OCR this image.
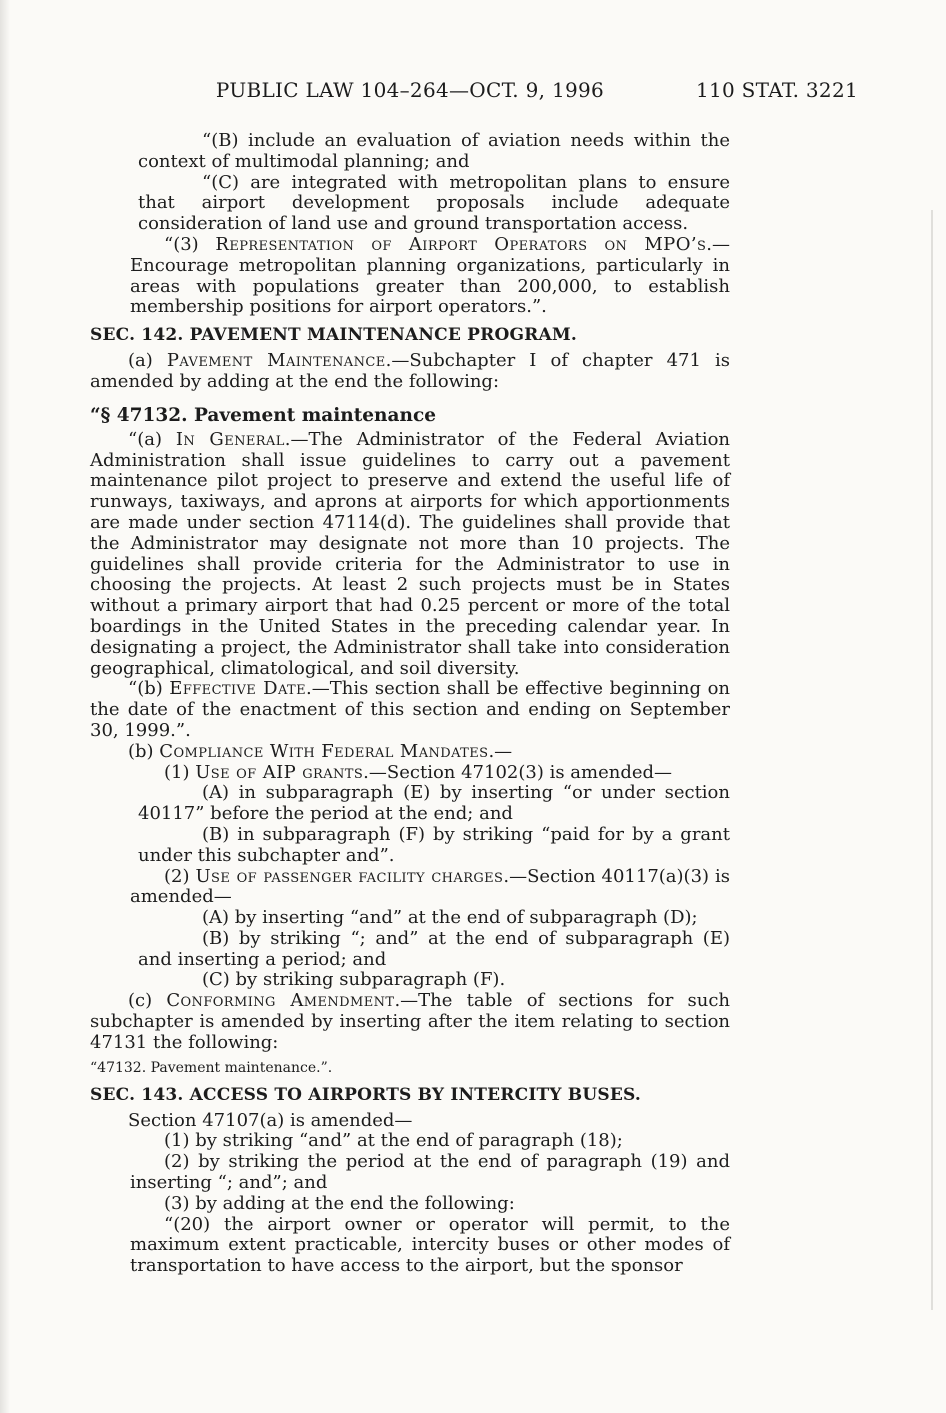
PUBLIC LAW 104–264—OCT. 9, 1996	110 STAT. 3221

“(B) include an evaluation of aviation needs within the context of multimodal planning; and

“(C) are integrated with metropolitan plans to ensure that airport development proposals include adequate consideration of land use and ground transportation access.

“(3) Representation of Airport Operators on MPO’s.—Encourage metropolitan planning organizations, particularly in areas with populations greater than 200,000, to establish membership positions for airport operators.”.

SEC. 142. PAVEMENT MAINTENANCE PROGRAM.

(a) Pavement Maintenance.—Subchapter I of chapter 471 is amended by adding at the end the following:

“§ 47132. Pavement maintenance

“(a) In General.—The Administrator of the Federal Aviation Administration shall issue guidelines to carry out a pavement maintenance pilot project to preserve and extend the useful life of runways, taxiways, and aprons at airports for which apportionments are made under section 47114(d). The guidelines shall provide that the Administrator may designate not more than 10 projects. The guidelines shall provide criteria for the Administrator to use in choosing the projects. At least 2 such projects must be in States without a primary airport that had 0.25 percent or more of the total boardings in the United States in the preceding calendar year. In designating a project, the Administrator shall take into consideration geographical, climatological, and soil diversity.

“(b) Effective Date.—This section shall be effective beginning on the date of the enactment of this section and ending on September 30, 1999.”.

(b) Compliance With Federal Mandates.—

(1) Use of AIP grants.—Section 47102(3) is amended—

(A) in subparagraph (E) by inserting “or under section 40117” before the period at the end; and

(B) in subparagraph (F) by striking “paid for by a grant under this subchapter and”.

(2) Use of passenger facility charges.—Section 40117(a)(3) is amended—

(A) by inserting “and” at the end of subparagraph (D);

(B) by striking “; and” at the end of subparagraph (E) and inserting a period; and

(C) by striking subparagraph (F).

(c) Conforming Amendment.—The table of sections for such subchapter is amended by inserting after the item relating to section 47131 the following:

“47132. Pavement maintenance.”.

SEC. 143. ACCESS TO AIRPORTS BY INTERCITY BUSES.

Section 47107(a) is amended—

(1) by striking “and” at the end of paragraph (18);

(2) by striking the period at the end of paragraph (19) and inserting “; and”; and

(3) by adding at the end the following:

“(20) the airport owner or operator will permit, to the maximum extent practicable, intercity buses or other modes of transportation to have access to the airport, but the sponsor
